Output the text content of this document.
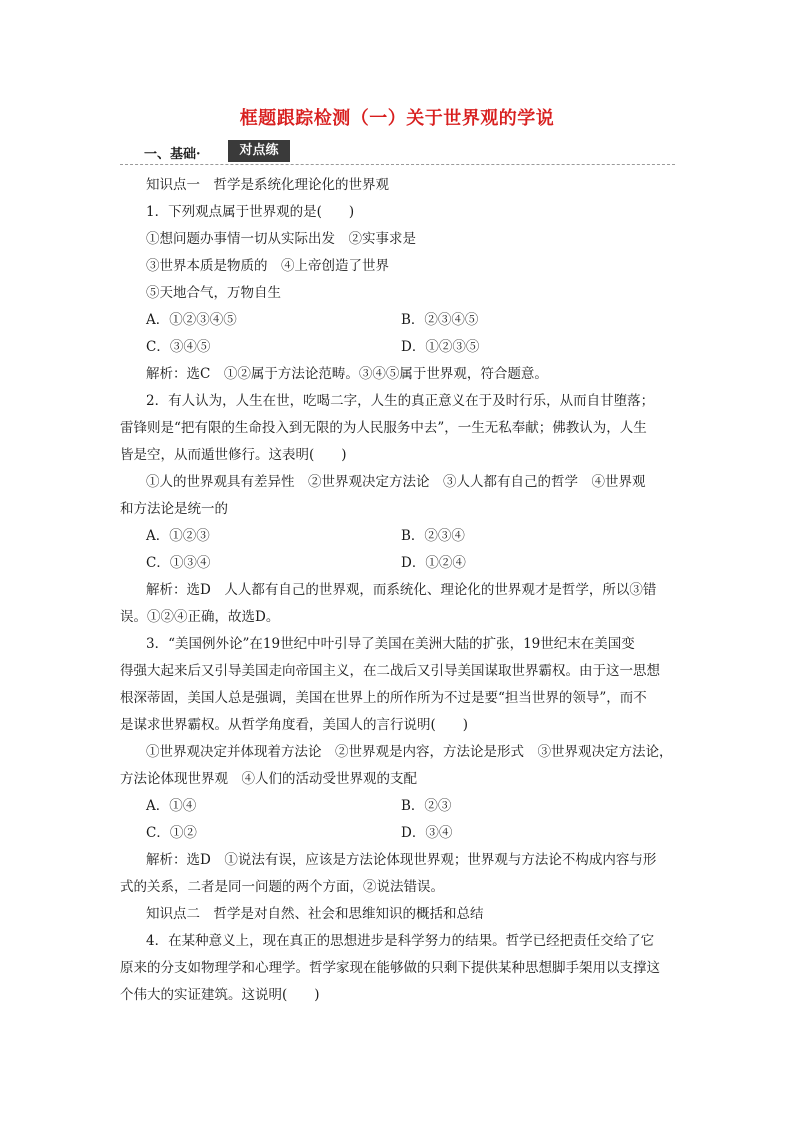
框题跟踪检测（一）关于世界观的学说
一、基础·	对点练
知识点一　哲学是系统化理论化的世界观
1．下列观点属于世界观的是(　　)
①想问题办事情一切从实际出发　②实事求是
③世界本质是物质的　④上帝创造了世界
⑤天地合气，万物自生
A．①②③④⑤	B．②③④⑤
C．③④⑤	D．①②③⑤
解析：选C　①②属于方法论范畴。③④⑤属于世界观，符合题意。
2．有人认为，人生在世，吃喝二字，人生的真正意义在于及时行乐，从而自甘堕落；
雷锋则是“把有限的生命投入到无限的为人民服务中去”，一生无私奉献；佛教认为，人生
皆是空，从而遁世修行。这表明(　　)
①人的世界观具有差异性　②世界观决定方法论　③人人都有自己的哲学　④世界观
和方法论是统一的
A．①②③	B．②③④
C．①③④	D．①②④
解析：选D　人人都有自己的世界观，而系统化、理论化的世界观才是哲学，所以③错
误。①②④正确，故选D。
3．“美国例外论”在19世纪中叶引导了美国在美洲大陆的扩张，19世纪末在美国变
得强大起来后又引导美国走向帝国主义，在二战后又引导美国谋取世界霸权。由于这一思想
根深蒂固，美国人总是强调，美国在世界上的所作所为不过是要“担当世界的领导”，而不
是谋求世界霸权。从哲学角度看，美国人的言行说明(　　)
①世界观决定并体现着方法论　②世界观是内容，方法论是形式　③世界观决定方法论，
方法论体现世界观　④人们的活动受世界观的支配
A．①④	B．②③
C．①②	D．③④
解析：选D　①说法有误，应该是方法论体现世界观；世界观与方法论不构成内容与形
式的关系，二者是同一问题的两个方面，②说法错误。
知识点二　哲学是对自然、社会和思维知识的概括和总结
4．在某种意义上，现在真正的思想进步是科学努力的结果。哲学已经把责任交给了它
原来的分支如物理学和心理学。哲学家现在能够做的只剩下提供某种思想脚手架用以支撑这
个伟大的实证建筑。这说明(　　)
